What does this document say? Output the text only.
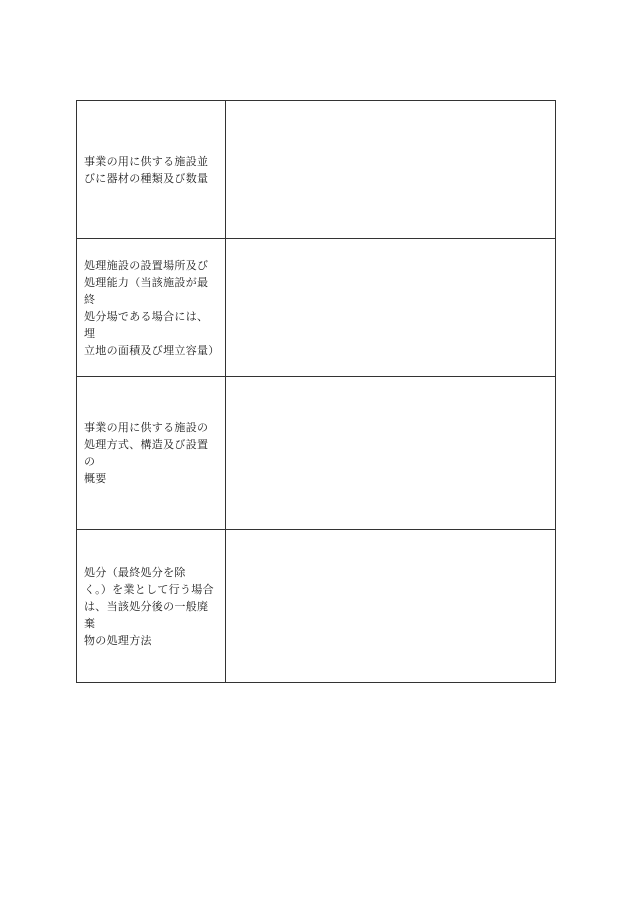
事業の用に供する施設並
びに器材の種類及び数量	

処理施設の設置場所及び
処理能力（当該施設が最終
処分場である場合には、埋
立地の面積及び埋立容量）	

事業の用に供する施設の
処理方式、構造及び設置の
概要	

処分（最終処分を除
く。）を業として行う場合
は、当該処分後の一般廃棄
物の処理方法	
